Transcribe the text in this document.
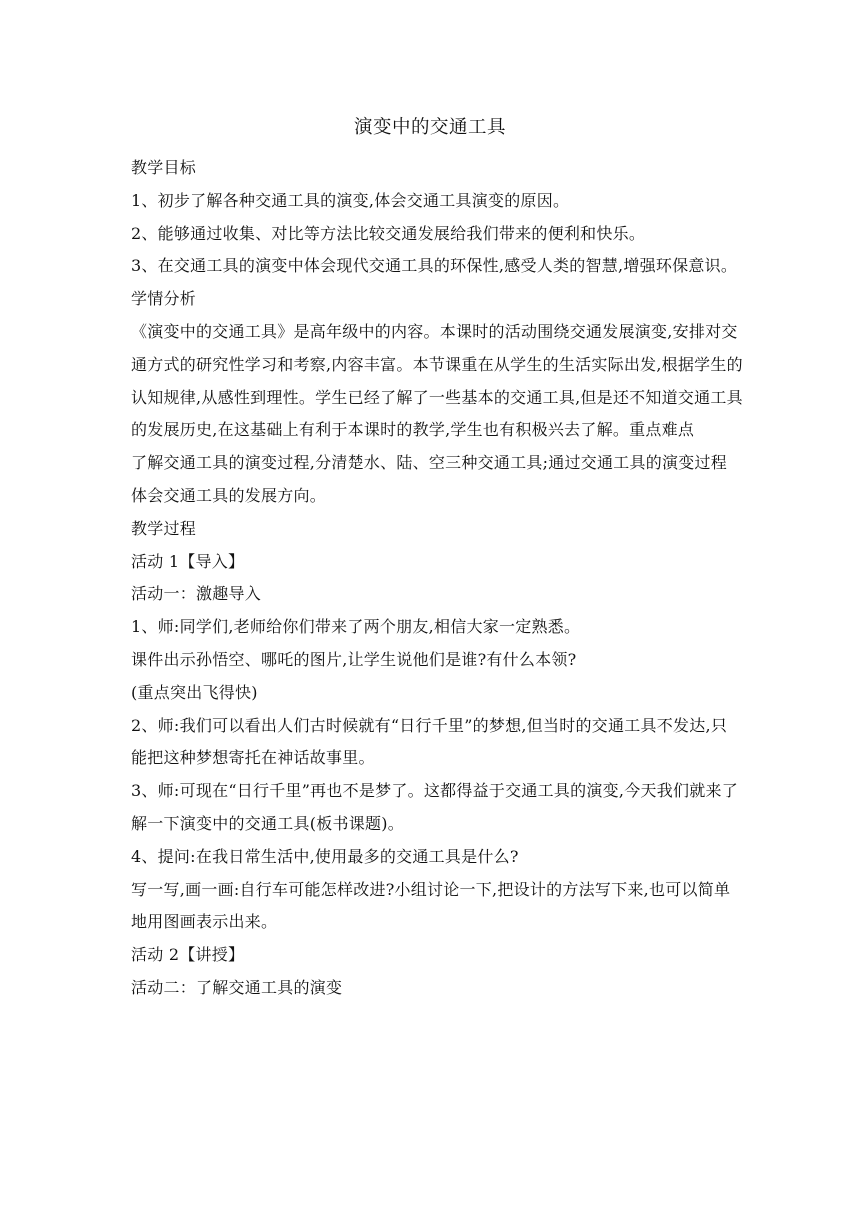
演变中的交通工具

教学目标

1、初步了解各种交通工具的演变,体会交通工具演变的原因。

2、能够通过收集、对比等方法比较交通发展给我们带来的便利和快乐。

3、在交通工具的演变中体会现代交通工具的环保性,感受人类的智慧,增强环保意识。

学情分析

《演变中的交通工具》是高年级中的内容。本课时的活动围绕交通发展演变,安排对交通方式的研究性学习和考察,内容丰富。本节课重在从学生的生活实际出发,根据学生的认知规律,从感性到理性。学生已经了解了一些基本的交通工具,但是还不知道交通工具的发展历史,在这基础上有利于本课时的教学,学生也有积极兴去了解。重点难点

了解交通工具的演变过程,分清楚水、陆、空三种交通工具;通过交通工具的演变过程体会交通工具的发展方向。

教学过程

活动 1【导入】

活动一：激趣导入

1、师:同学们,老师给你们带来了两个朋友,相信大家一定熟悉。

课件出示孙悟空、哪吒的图片,让学生说他们是谁?有什么本领?

(重点突出飞得快)

2、师:我们可以看出人们古时候就有“日行千里”的梦想,但当时的交通工具不发达,只能把这种梦想寄托在神话故事里。

3、师:可现在“日行千里”再也不是梦了。这都得益于交通工具的演变,今天我们就来了解一下演变中的交通工具(板书课题)。

4、提问:在我日常生活中,使用最多的交通工具是什么?

写一写,画一画:自行车可能怎样改进?小组讨论一下,把设计的方法写下来,也可以简单地用图画表示出来。

活动 2【讲授】

活动二：了解交通工具的演变
